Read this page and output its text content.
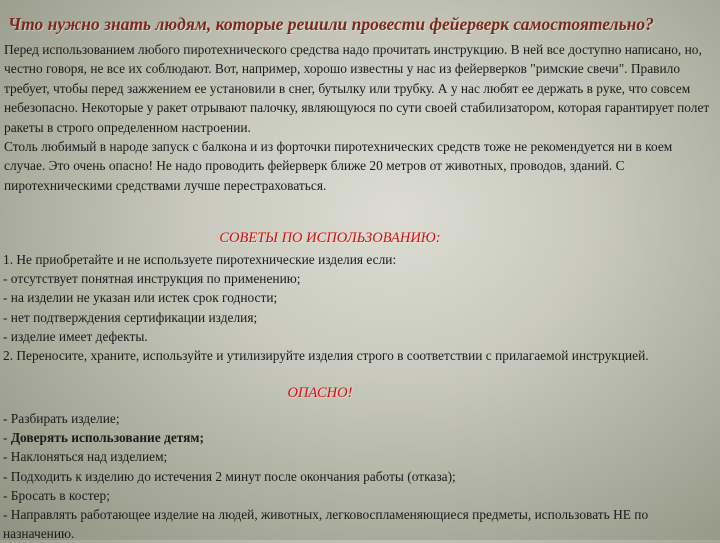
Что нужно знать людям, которые решили провести фейерверк самостоятельно?

Перед использованием любого пиротехнического средства надо прочитать инструкцию. В ней все доступно написано, но, честно говоря, не все их соблюдают. Вот, например, хорошо известны у нас из фейерверков "римские свечи". Правило требует, чтобы перед зажжением ее установили в снег, бутылку или трубку. А у нас любят ее держать в руке, что совсем небезопасно. Некоторые у ракет отрывают палочку, являющуюся по сути своей стабилизатором, которая гарантирует полет ракеты в строго определенном настроении.

Столь любимый в народе запуск с балкона и из форточки пиротехнических средств тоже не рекомендуется ни в коем случае. Это очень опасно! Не надо проводить фейерверк ближе 20 метров от животных, проводов, зданий. С пиротехническими средствами лучше перестраховаться.

СОВЕТЫ ПО ИСПОЛЬЗОВАНИЮ:
1. Не приобретайте и не используете пиротехнические изделия если:
- отсутствует понятная инструкция по применению;
- на изделии не указан или истек срок годности;
- нет подтверждения сертификации изделия;
- изделие имеет дефекты.
2. Переносите, храните, используйте и утилизируйте изделия строго в соответствии с прилагаемой инструкцией.
ОПАСНО!
- Разбирать изделие;
- Доверять использование детям;
- Наклоняться над изделием;
- Подходить к изделию до истечения 2 минут после окончания работы (отказа);
- Бросать в костер;
- Направлять работающее изделие на людей, животных, легковоспламеняющиеся предметы, использовать НЕ по назначению.
